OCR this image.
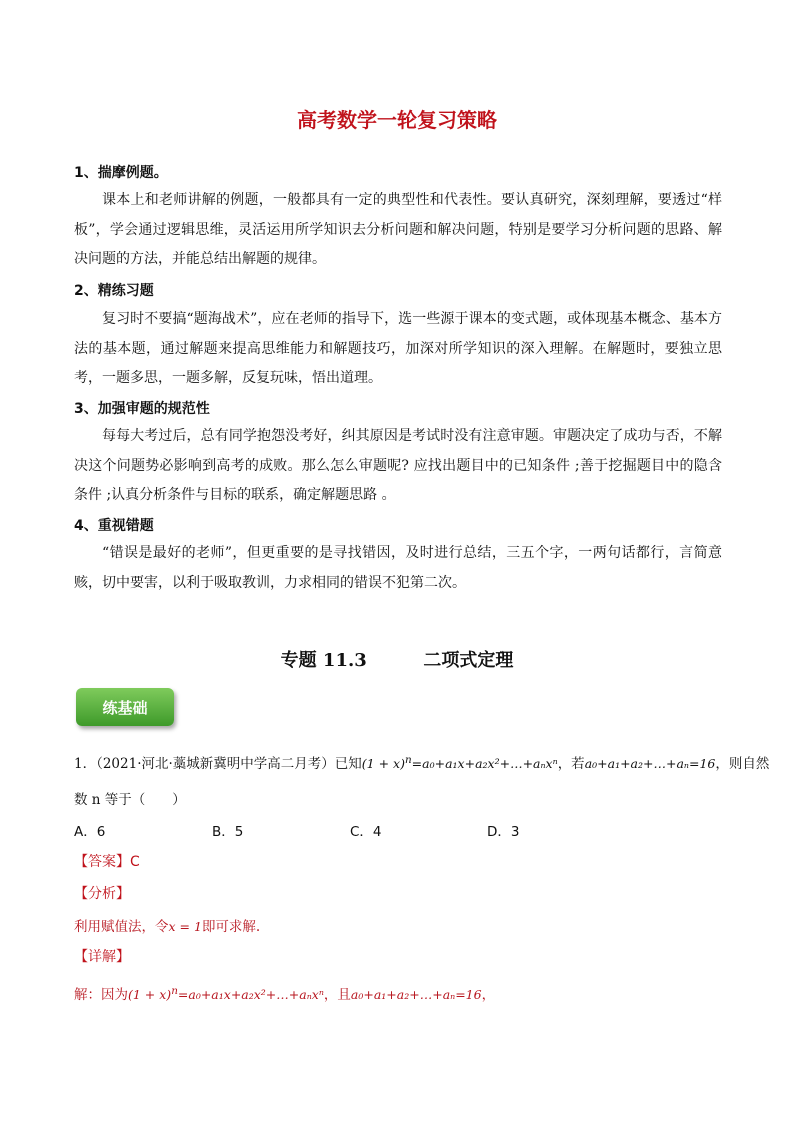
高考数学一轮复习策略
1、揣摩例题。
课本上和老师讲解的例题，一般都具有一定的典型性和代表性。要认真研究，深刻理解，要透过“样板”，学会通过逻辑思维，灵活运用所学知识去分析问题和解决问题，特别是要学习分析问题的思路、解决问题的方法，并能总结出解题的规律。
2、精练习题
复习时不要搞“题海战术”，应在老师的指导下，选一些源于课本的变式题，或体现基本概念、基本方法的基本题，通过解题来提高思维能力和解题技巧，加深对所学知识的深入理解。在解题时，要独立思考，一题多思，一题多解，反复玩味，悟出道理。
3、加强审题的规范性
每每大考过后，总有同学抱怨没考好，纠其原因是考试时没有注意审题。审题决定了成功与否，不解决这个问题势必影响到高考的成败。那么怎么审题呢? 应找出题目中的已知条件 ;善于挖掘题目中的隐含条件 ;认真分析条件与目标的联系，确定解题思路 。
4、重视错题
“错误是最好的老师”，但更重要的是寻找错因，及时进行总结，三五个字，一两句话都行，言简意赅，切中要害，以利于吸取教训，力求相同的错误不犯第二次。
专题 11.3	二项式定理
练基础
1．（2021·河北·藁城新冀明中学高二月考）已知$(1 + x)^n=a_0+a_1x+a_2x^2+\dots+a_nx^n$，若a₀+a₁+a₂+…+aₙ=16，则自然
数 n 等于（　　）
A．6	B．5	C．4	D．3
【答案】C
【分析】
利用赋值法，令x = 1即可求解.
【详解】
解：因为$(1 + x)^n=a_0+a_1x+a_2x^2+\dots+a_nx^n$，且a₀+a₁+a₂+…+aₙ=16，
